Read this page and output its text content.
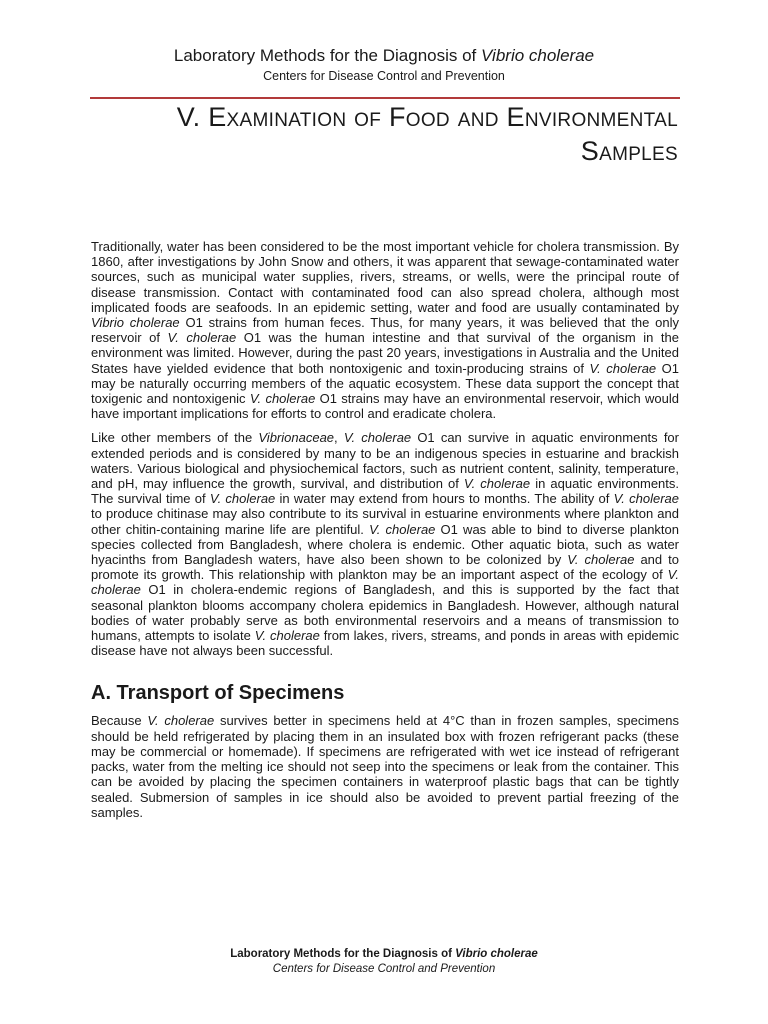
Laboratory Methods for the Diagnosis of Vibrio cholerae
Centers for Disease Control and Prevention
V. Examination of Food and Environmental
Samples

Traditionally, water has been considered to be the most important vehicle for cholera transmission. By 1860, after investigations by John Snow and others, it was apparent that sewage-contaminated water sources, such as municipal water supplies, rivers, streams, or wells, were the principal route of disease transmission. Contact with contaminated food can also spread cholera, although most implicated foods are seafoods. In an epidemic setting, water and food are usually contaminated by Vibrio cholerae O1 strains from human feces. Thus, for many years, it was believed that the only reservoir of V. cholerae O1 was the human intestine and that survival of the organism in the environment was limited. However, during the past 20 years, investigations in Australia and the United States have yielded evidence that both nontoxigenic and toxin-producing strains of V. cholerae O1 may be naturally occurring members of the aquatic ecosystem. These data support the concept that toxigenic and nontoxigenic V. cholerae O1 strains may have an environmental reservoir, which would have important implications for efforts to control and eradicate cholera.

Like other members of the Vibrionaceae, V. cholerae O1 can survive in aquatic environments for extended periods and is considered by many to be an indigenous species in estuarine and brackish waters. Various biological and physiochemical factors, such as nutrient content, salinity, temperature, and pH, may influence the growth, survival, and distribution of V. cholerae in aquatic environments. The survival time of V. cholerae in water may extend from hours to months. The ability of V. cholerae to produce chitinase may also contribute to its survival in estuarine environments where plankton and other chitin-containing marine life are plentiful. V. cholerae O1 was able to bind to diverse plankton species collected from Bangladesh, where cholera is endemic. Other aquatic biota, such as water hyacinths from Bangladesh waters, have also been shown to be colonized by V. cholerae and to promote its growth. This relationship with plankton may be an important aspect of the ecology of V. cholerae O1 in cholera-endemic regions of Bangladesh, and this is supported by the fact that seasonal plankton blooms accompany cholera epidemics in Bangladesh. However, although natural bodies of water probably serve as both environmental reservoirs and a means of transmission to humans, attempts to isolate V. cholerae from lakes, rivers, streams, and ponds in areas with epidemic disease have not always been successful.

A. Transport of Specimens

Because V. cholerae survives better in specimens held at 4°C than in frozen samples, specimens should be held refrigerated by placing them in an insulated box with frozen refrigerant packs (these may be commercial or homemade). If specimens are refrigerated with wet ice instead of refrigerant packs, water from the melting ice should not seep into the specimens or leak from the container. This can be avoided by placing the specimen containers in waterproof plastic bags that can be tightly sealed. Submersion of samples in ice should also be avoided to prevent partial freezing of the samples.

Laboratory Methods for the Diagnosis of Vibrio cholerae
Centers for Disease Control and Prevention
